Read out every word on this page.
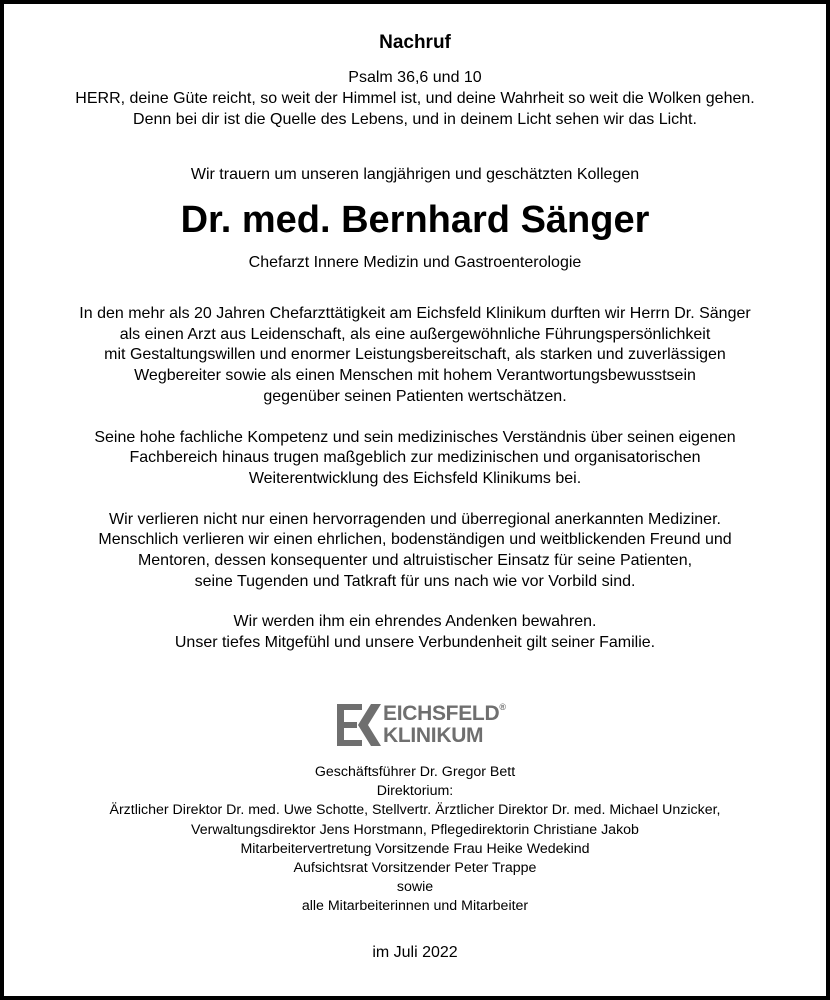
Nachruf
Psalm 36,6 und 10
HERR, deine Güte reicht, so weit der Himmel ist, und deine Wahrheit so weit die Wolken gehen.
Denn bei dir ist die Quelle des Lebens, und in deinem Licht sehen wir das Licht.
Wir trauern um unseren langjährigen und geschätzten Kollegen
Dr. med. Bernhard Sänger
Chefarzt Innere Medizin und Gastroenterologie

In den mehr als 20 Jahren Chefarzttätigkeit am Eichsfeld Klinikum durften wir Herrn Dr. Sänger
als einen Arzt aus Leidenschaft, als eine außergewöhnliche Führungspersönlichkeit
mit Gestaltungswillen und enormer Leistungsbereitschaft, als starken und zuverlässigen
Wegbereiter sowie als einen Menschen mit hohem Verantwortungsbewusstsein
gegenüber seinen Patienten wertschätzen.

Seine hohe fachliche Kompetenz und sein medizinisches Verständnis über seinen eigenen
Fachbereich hinaus trugen maßgeblich zur medizinischen und organisatorischen
Weiterentwicklung des Eichsfeld Klinikums bei.

Wir verlieren nicht nur einen hervorragenden und überregional anerkannten Mediziner.
Menschlich verlieren wir einen ehrlichen, bodenständigen und weitblickenden Freund und
Mentoren, dessen konsequenter und altruistischer Einsatz für seine Patienten,
seine Tugenden und Tatkraft für uns nach wie vor Vorbild sind.

Wir werden ihm ein ehrendes Andenken bewahren.
Unser tiefes Mitgefühl und unsere Verbundenheit gilt seiner Familie.

EICHSFELD®
KLINIKUM
Geschäftsführer Dr. Gregor Bett
Direktorium:
Ärztlicher Direktor Dr. med. Uwe Schotte, Stellvertr. Ärztlicher Direktor Dr. med. Michael Unzicker,
Verwaltungsdirektor Jens Horstmann, Pflegedirektorin Christiane Jakob
Mitarbeitervertretung Vorsitzende Frau Heike Wedekind
Aufsichtsrat Vorsitzender Peter Trappe
sowie
alle Mitarbeiterinnen und Mitarbeiter
im Juli 2022
